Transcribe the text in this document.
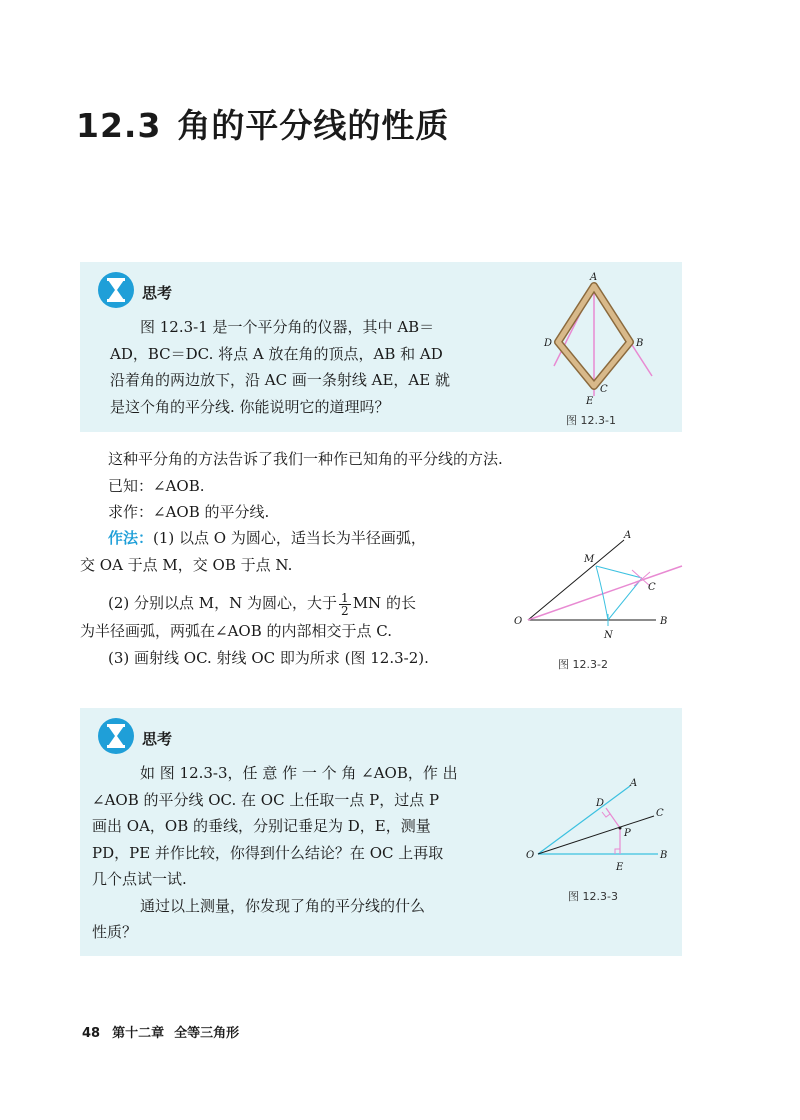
12.3 角的平分线的性质
思考
图 12.3-1 是一个平分角的仪器，其中 AB＝
AD，BC＝DC. 将点 A 放在角的顶点，AB 和 AD
沿着角的两边放下，沿 AC 画一条射线 AE，AE 就
是这个角的平分线. 你能说明它的道理吗？
A
B
C
D
E
图 12.3-1
这种平分角的方法告诉了我们一种作已知角的平分线的方法.
已知：∠AOB.
求作：∠AOB 的平分线.
作法：(1) 以点 O 为圆心，适当长为半径画弧，
交 OA 于点 M，交 OB 于点 N.
(2) 分别以点 M，N 为圆心，大于 $\frac{1}{2}$ MN 的长
为半径画弧，两弧在∠AOB 的内部相交于点 C.
(3) 画射线 OC. 射线 OC 即为所求 (图 12.3-2).
A
M
C
O
N
B
图 12.3-2
思考
如 图 12.3-3，任 意 作 一 个 角 ∠AOB，作 出
∠AOB 的平分线 OC. 在 OC 上任取一点 P，过点 P
画出 OA，OB 的垂线，分别记垂足为 D，E，测量
PD，PE 并作比较，你得到什么结论？在 OC 上再取
几个点试一试.
通过以上测量，你发现了角的平分线的什么
性质？
A
D
C
P
O
E
B
图 12.3-3
48 第十二章 全等三角形
